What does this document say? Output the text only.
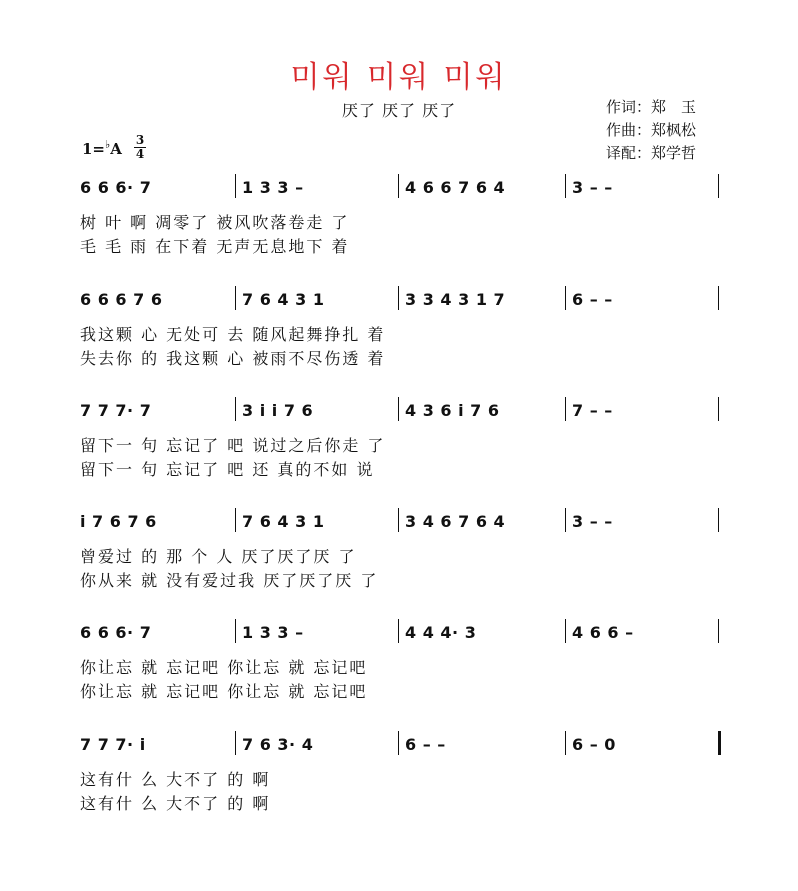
미워 미워 미워
厌了 厌了 厌了	作词：郑　玉
作曲：郑枫松
译配：郑学哲
1=♭A 3
4
6 6 6· 7	1 3 3 –	4 6 6 7 6 4	3 – –
树 叶 啊 凋零了 被风吹落卷走 了
毛 毛 雨 在下着 无声无息地下 着
6 6 6 7 6	7 6 4 3 1	3 3 4 3 1 7	6 – –
我这颗 心 无处可 去 随风起舞挣扎 着
失去你 的 我这颗 心 被雨不尽伤透 着
7 7 7· 7	3 i i 7 6	4 3 6 i 7 6	7 – –
留下一 句 忘记了 吧 说过之后你走 了
留下一 句 忘记了 吧 还 真的不如 说
i 7 6 7 6	7 6 4 3 1	3 4 6 7 6 4	3 – –
曾爱过 的 那 个 人 厌了厌了厌 了
你从来 就 没有爱过我 厌了厌了厌 了
6 6 6· 7	1 3 3 –	4 4 4· 3	4 6 6 –
你让忘 就 忘记吧 你让忘 就 忘记吧
你让忘 就 忘记吧 你让忘 就 忘记吧
7 7 7· i	7 6 3· 4	6 – –	6 – 0
这有什 么 大不了 的 啊
这有什 么 大不了 的 啊
